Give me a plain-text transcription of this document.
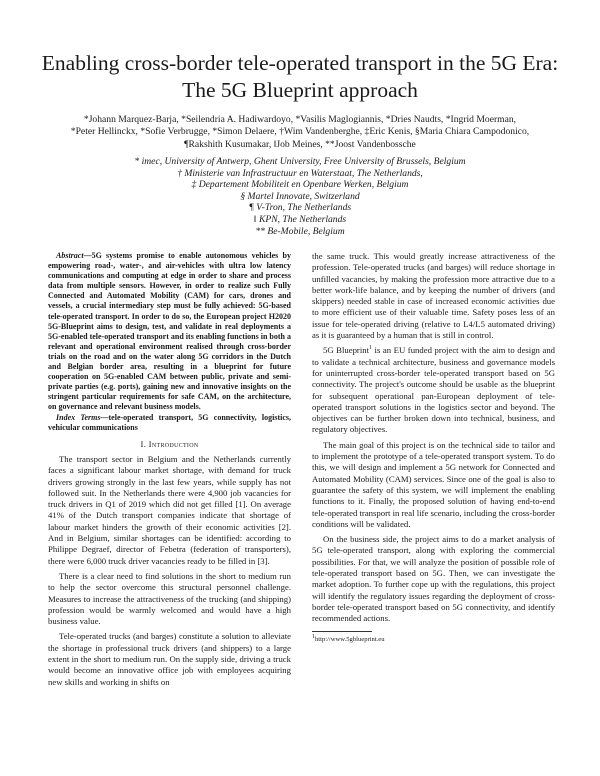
Enabling cross-border tele-operated transport in the 5G Era: The 5G Blueprint approach
*Johann Marquez-Barja, *Seilendria A. Hadiwardoyo, *Vasilis Maglogiannis, *Dries Naudts, *Ingrid Moerman,
*Peter Hellinckx, *Sofie Verbrugge, *Simon Delaere, †Wim Vandenberghe, ‡Eric Kenis, §Maria Chiara Campodonico,
¶Rakshith Kusumakar, ‖Job Meines, **Joost Vandenbossche
* imec, University of Antwerp, Ghent University, Free University of Brussels, Belgium
† Ministerie van Infrastructuur en Waterstaat, The Netherlands,
‡ Departement Mobiliteit en Openbare Werken, Belgium
§ Martel Innovate, Switzerland
¶ V-Tron, The Netherlands
‖ KPN, The Netherlands
** Be-Mobile, Belgium

Abstract—5G systems promise to enable autonomous vehicles by empowering road-, water-, and air-vehicles with ultra low latency communications and computing at edge in order to share and process data from multiple sensors. However, in order to realize such Fully Connected and Automated Mobility (CAM) for cars, drones and vessels, a crucial intermediary step must be fully achieved: 5G-based tele-operated transport. In order to do so, the European project H2020 5G-Blueprint aims to design, test, and validate in real deployments a 5G-enabled tele-operated transport and its enabling functions in both a relevant and operational environment realised through cross-border trials on the road and on the water along 5G corridors in the Dutch and Belgian border area, resulting in a blueprint for future cooperation on 5G-enabled CAM between public, private and semi-private parties (e.g. ports), gaining new and innovative insights on the stringent particular requirements for safe CAM, on the architecture, on governance and relevant business models.

Index Terms—tele-operated transport, 5G connectivity, logistics, vehicular communications

I. Introduction

The transport sector in Belgium and the Netherlands currently faces a significant labour market shortage, with demand for truck drivers growing strongly in the last few years, while supply has not followed suit. In the Netherlands there were 4,900 job vacancies for truck drivers in Q1 of 2019 which did not get filled [1]. On average 41% of the Dutch transport companies indicate that shortage of labour market hinders the growth of their economic activities [2]. And in Belgium, similar shortages can be identified: according to Philippe Degraef, director of Febetra (federation of transporters), there were 6,000 truck driver vacancies ready to be filled in [3].

There is a clear need to find solutions in the short to medium run to help the sector overcome this structural personnel challenge. Measures to increase the attractiveness of the trucking (and shipping) profession would be warmly welcomed and would have a high business value.

Tele-operated trucks (and barges) constitute a solution to alleviate the shortage in professional truck drivers (and shippers) to a large extent in the short to medium run. On the supply side, driving a truck would become an innovative office job with employees acquiring new skills and working in shifts on

the same truck. This would greatly increase attractiveness of the profession. Tele-operated trucks (and barges) will reduce shortage in unfilled vacancies, by making the profession more attractive due to a better work-life balance, and by keeping the number of drivers (and skippers) needed stable in case of increased economic activities due to more efficient use of their valuable time. Safety poses less of an issue for tele-operated driving (relative to L4/L5 automated driving) as it is guaranteed by a human that is still in control.

5G Blueprint$^1$ is an EU funded project with the aim to design and to validate a technical architecture, business and governance models for uninterrupted cross-border tele-operated transport based on 5G connectivity. The project's outcome should be usable as the blueprint for subsequent operational pan-European deployment of tele-operated transport solutions in the logistics sector and beyond. The objectives can be further broken down into technical, business, and regulatory objectives.

The main goal of this project is on the technical side to tailor and to implement the prototype of a tele-operated transport system. To do this, we will design and implement a 5G network for Connected and Automated Mobility (CAM) services. Since one of the goal is also to guarantee the safety of this system, we will implement the enabling functions to it. Finally, the proposed solution of having end-to-end tele-operated transport in real life scenario, including the cross-border conditions will be validated.

On the business side, the project aims to do a market analysis of 5G tele-operated transport, along with exploring the commercial possibilities. For that, we will analyze the position of possible role of tele-operated transport based on 5G. Then, we can investigate the market adoption. To further cope up with the regulations, this project will identify the regulatory issues regarding the deployment of cross-border tele-operated transport based on 5G connectivity, and identify recommended actions.

$^1$http://www.5gblueprint.eu
